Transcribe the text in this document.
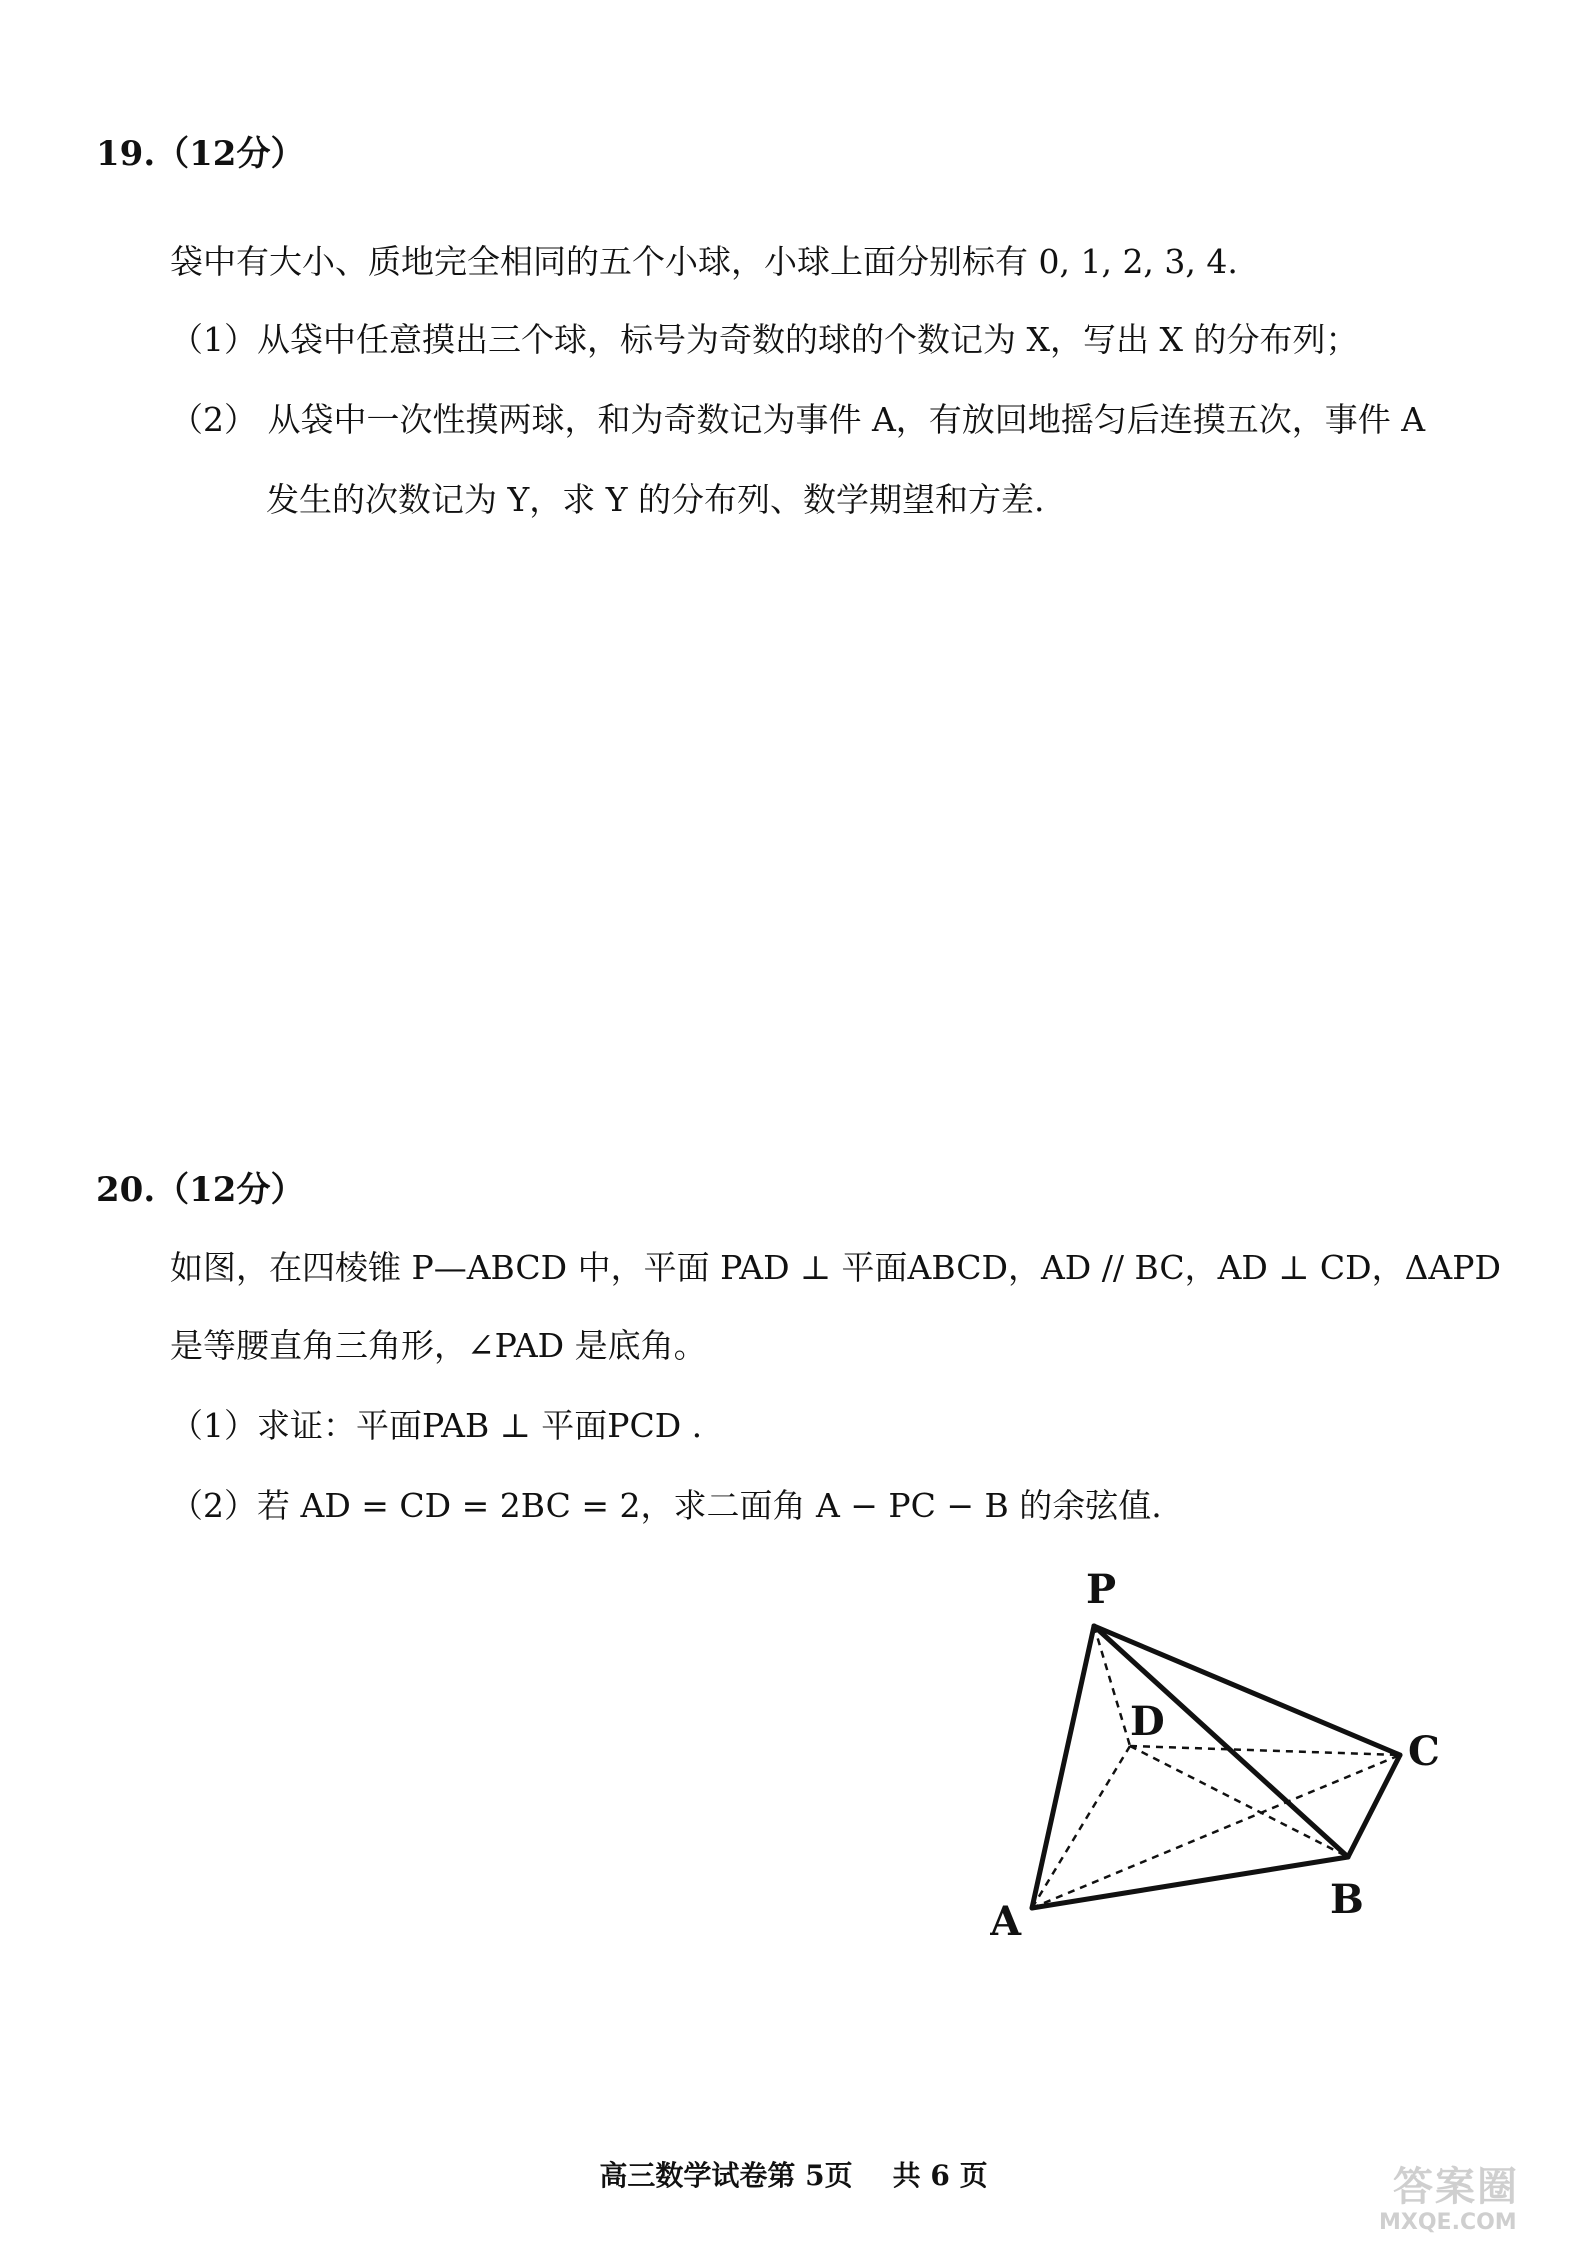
19.（12分）
袋中有大小、质地完全相同的五个小球，小球上面分别标有 0, 1, 2, 3, 4.
（1）从袋中任意摸出三个球，标号为奇数的球的个数记为 X，写出 X 的分布列；
（2） 从袋中一次性摸两球，和为奇数记为事件 A，有放回地摇匀后连摸五次，事件 A
发生的次数记为 Y，求 Y 的分布列、数学期望和方差.
20.（12分）
如图，在四棱锥 P—ABCD 中，平面 PAD ⊥ 平面ABCD，AD // BC，AD ⊥ CD，ΔAPD
是等腰直角三角形，∠PAD 是底角。
（1）求证：平面PAB ⊥ 平面PCD .
（2）若 AD = CD = 2BC = 2，求二面角 A − PC − B 的余弦值.
P
D
C
A	B
高三数学试卷第 5页 共 6 页	答案圈
MXQE.COM
